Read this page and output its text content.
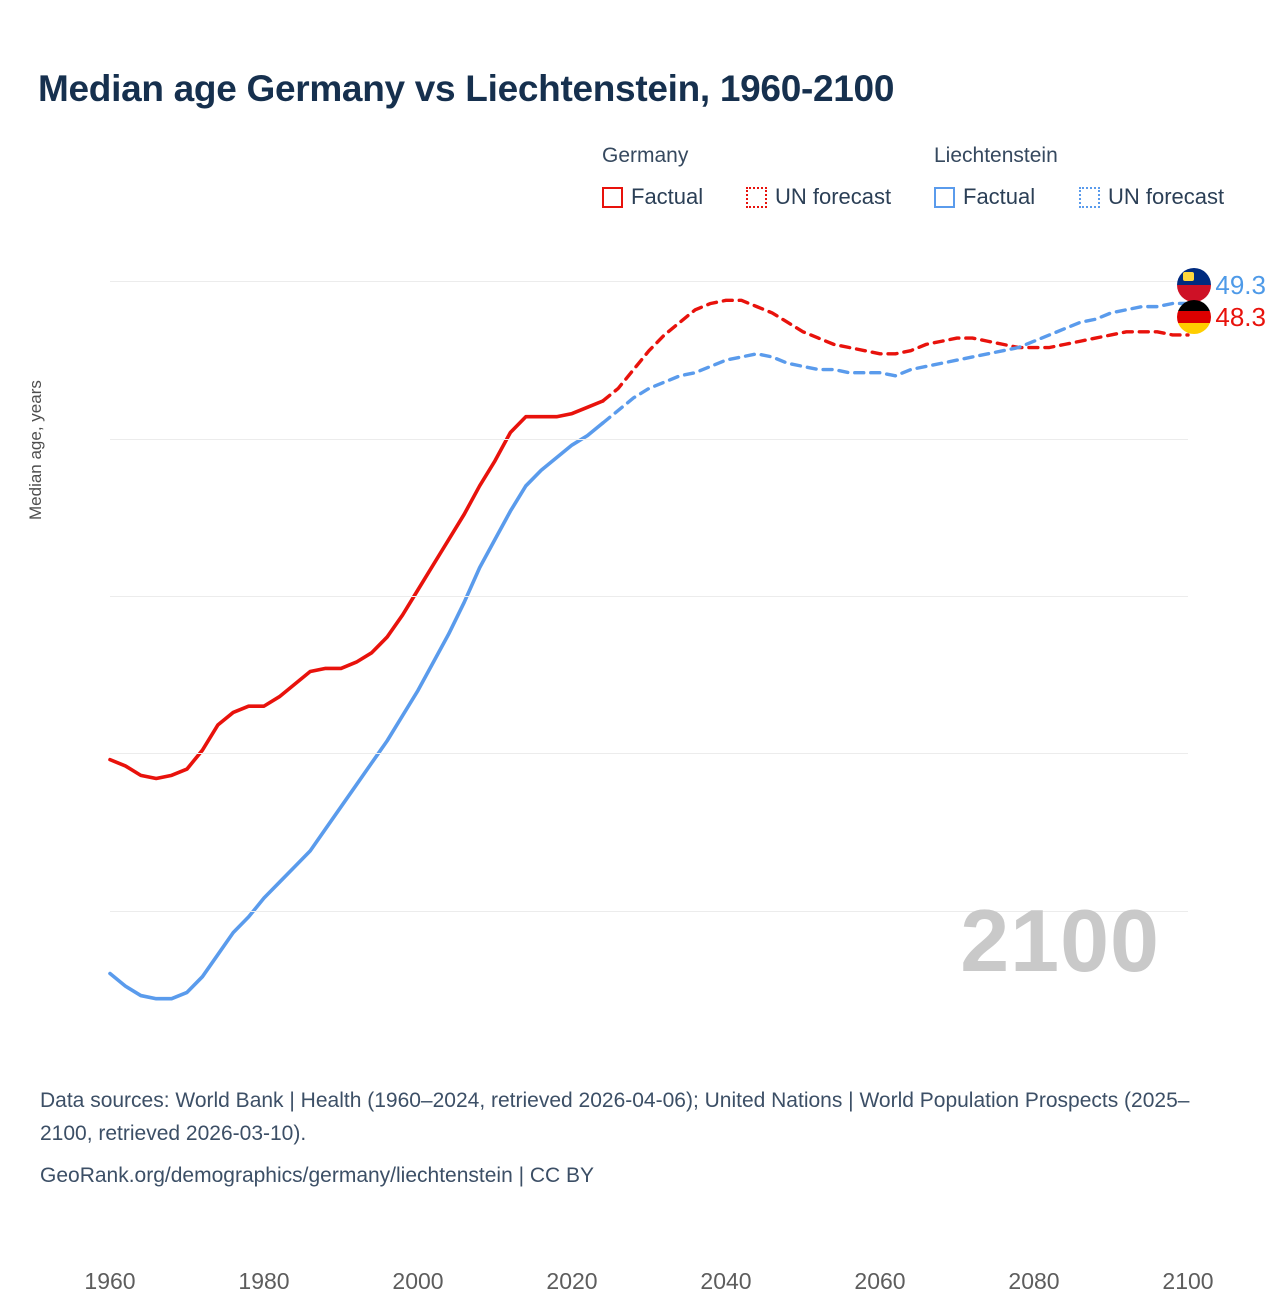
Median age Germany vs Liechtenstein, 1960-2100
Germany	Liechtenstein
Factual	UN forecast	Factual	UN forecast
Median age, years
1960	1980	2000	2020	2040	2060	2080	2100
2100
49.3
48.3
Data sources: World Bank | Health (1960–2024, retrieved 2026-04-06); United Nations | World Population Prospects (2025–2100, retrieved 2026-03-10).
GeoRank.org/demographics/germany/liechtenstein | CC BY
